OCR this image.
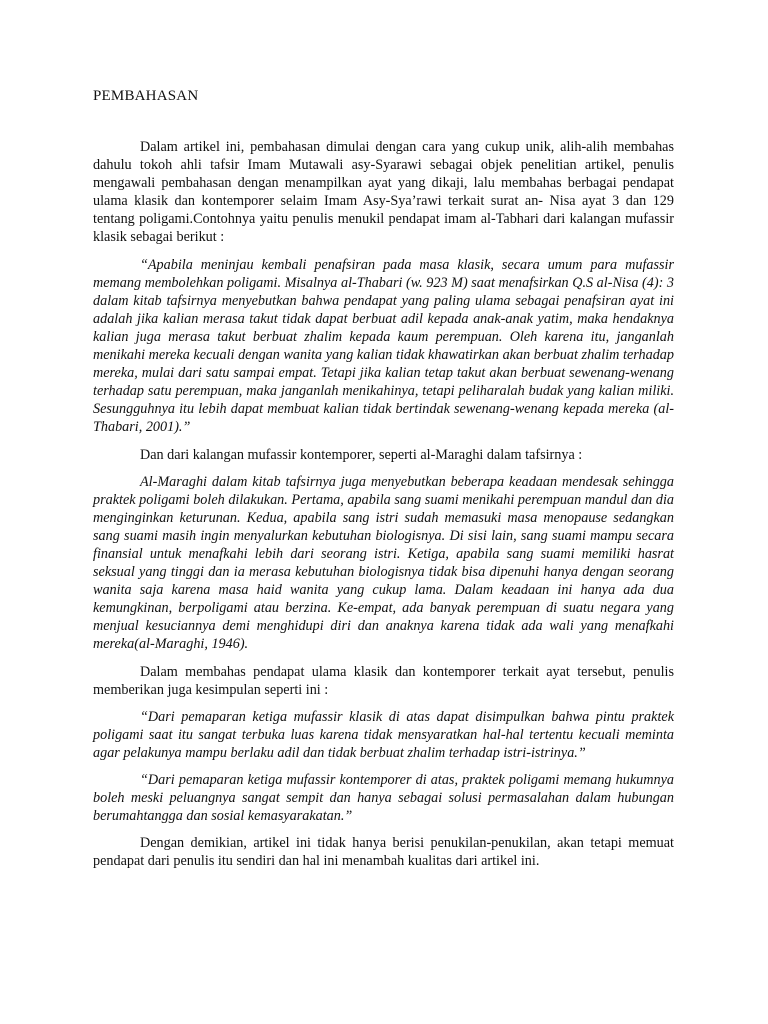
PEMBAHASAN

Dalam artikel ini, pembahasan dimulai dengan cara yang cukup unik, alih-alih membahas dahulu tokoh ahli tafsir Imam Mutawali asy-Syarawi sebagai objek penelitian artikel, penulis mengawali pembahasan dengan menampilkan ayat yang dikaji, lalu membahas berbagai pendapat ulama klasik dan kontemporer selaim Imam Asy-Sya’rawi terkait surat an- Nisa ayat 3 dan 129 tentang poligami.Contohnya yaitu penulis menukil pendapat imam al-Tabhari dari kalangan mufassir klasik sebagai berikut :

“Apabila meninjau kembali penafsiran pada masa klasik, secara umum para mufassir memang membolehkan poligami. Misalnya al-Thabari (w. 923 M) saat menafsirkan Q.S al-Nisa (4): 3 dalam kitab tafsirnya menyebutkan bahwa pendapat yang paling ulama sebagai penafsiran ayat ini adalah jika kalian merasa takut tidak dapat berbuat adil kepada anak-anak yatim, maka hendaknya kalian juga merasa takut berbuat zhalim kepada kaum perempuan. Oleh karena itu, janganlah menikahi mereka kecuali dengan wanita yang kalian tidak khawatirkan akan berbuat zhalim terhadap mereka, mulai dari satu sampai empat. Tetapi jika kalian tetap takut akan berbuat sewenang-wenang terhadap satu perempuan, maka janganlah menikahinya, tetapi peliharalah budak yang kalian miliki. Sesungguhnya itu lebih dapat membuat kalian tidak bertindak sewenang-wenang kepada mereka (al-Thabari, 2001).”

Dan dari kalangan mufassir kontemporer, seperti al-Maraghi dalam tafsirnya :

Al-Maraghi dalam kitab tafsirnya juga menyebutkan beberapa keadaan mendesak sehingga praktek poligami boleh dilakukan. Pertama, apabila sang suami menikahi perempuan mandul dan dia menginginkan keturunan. Kedua, apabila sang istri sudah memasuki masa menopause sedangkan sang suami masih ingin menyalurkan kebutuhan biologisnya. Di sisi lain, sang suami mampu secara finansial untuk menafkahi lebih dari seorang istri. Ketiga, apabila sang suami memiliki hasrat seksual yang tinggi dan ia merasa kebutuhan biologisnya tidak bisa dipenuhi hanya dengan seorang wanita saja karena masa haid wanita yang cukup lama. Dalam keadaan ini hanya ada dua kemungkinan, berpoligami atau berzina. Ke-empat, ada banyak perempuan di suatu negara yang menjual kesuciannya demi menghidupi diri dan anaknya karena tidak ada wali yang menafkahi mereka(al-Maraghi, 1946).

Dalam membahas pendapat ulama klasik dan kontemporer terkait ayat tersebut, penulis memberikan juga kesimpulan seperti ini :

“Dari pemaparan ketiga mufassir klasik di atas dapat disimpulkan bahwa pintu praktek poligami saat itu sangat terbuka luas karena tidak mensyaratkan hal-hal tertentu kecuali meminta agar pelakunya mampu berlaku adil dan tidak berbuat zhalim terhadap istri-istrinya.”

“Dari pemaparan ketiga mufassir kontemporer di atas, praktek poligami memang hukumnya boleh meski peluangnya sangat sempit dan hanya sebagai solusi permasalahan dalam hubungan berumahtangga dan sosial kemasyarakatan.”

Dengan demikian, artikel ini tidak hanya berisi penukilan-penukilan, akan tetapi memuat pendapat dari penulis itu sendiri dan hal ini menambah kualitas dari artikel ini.
